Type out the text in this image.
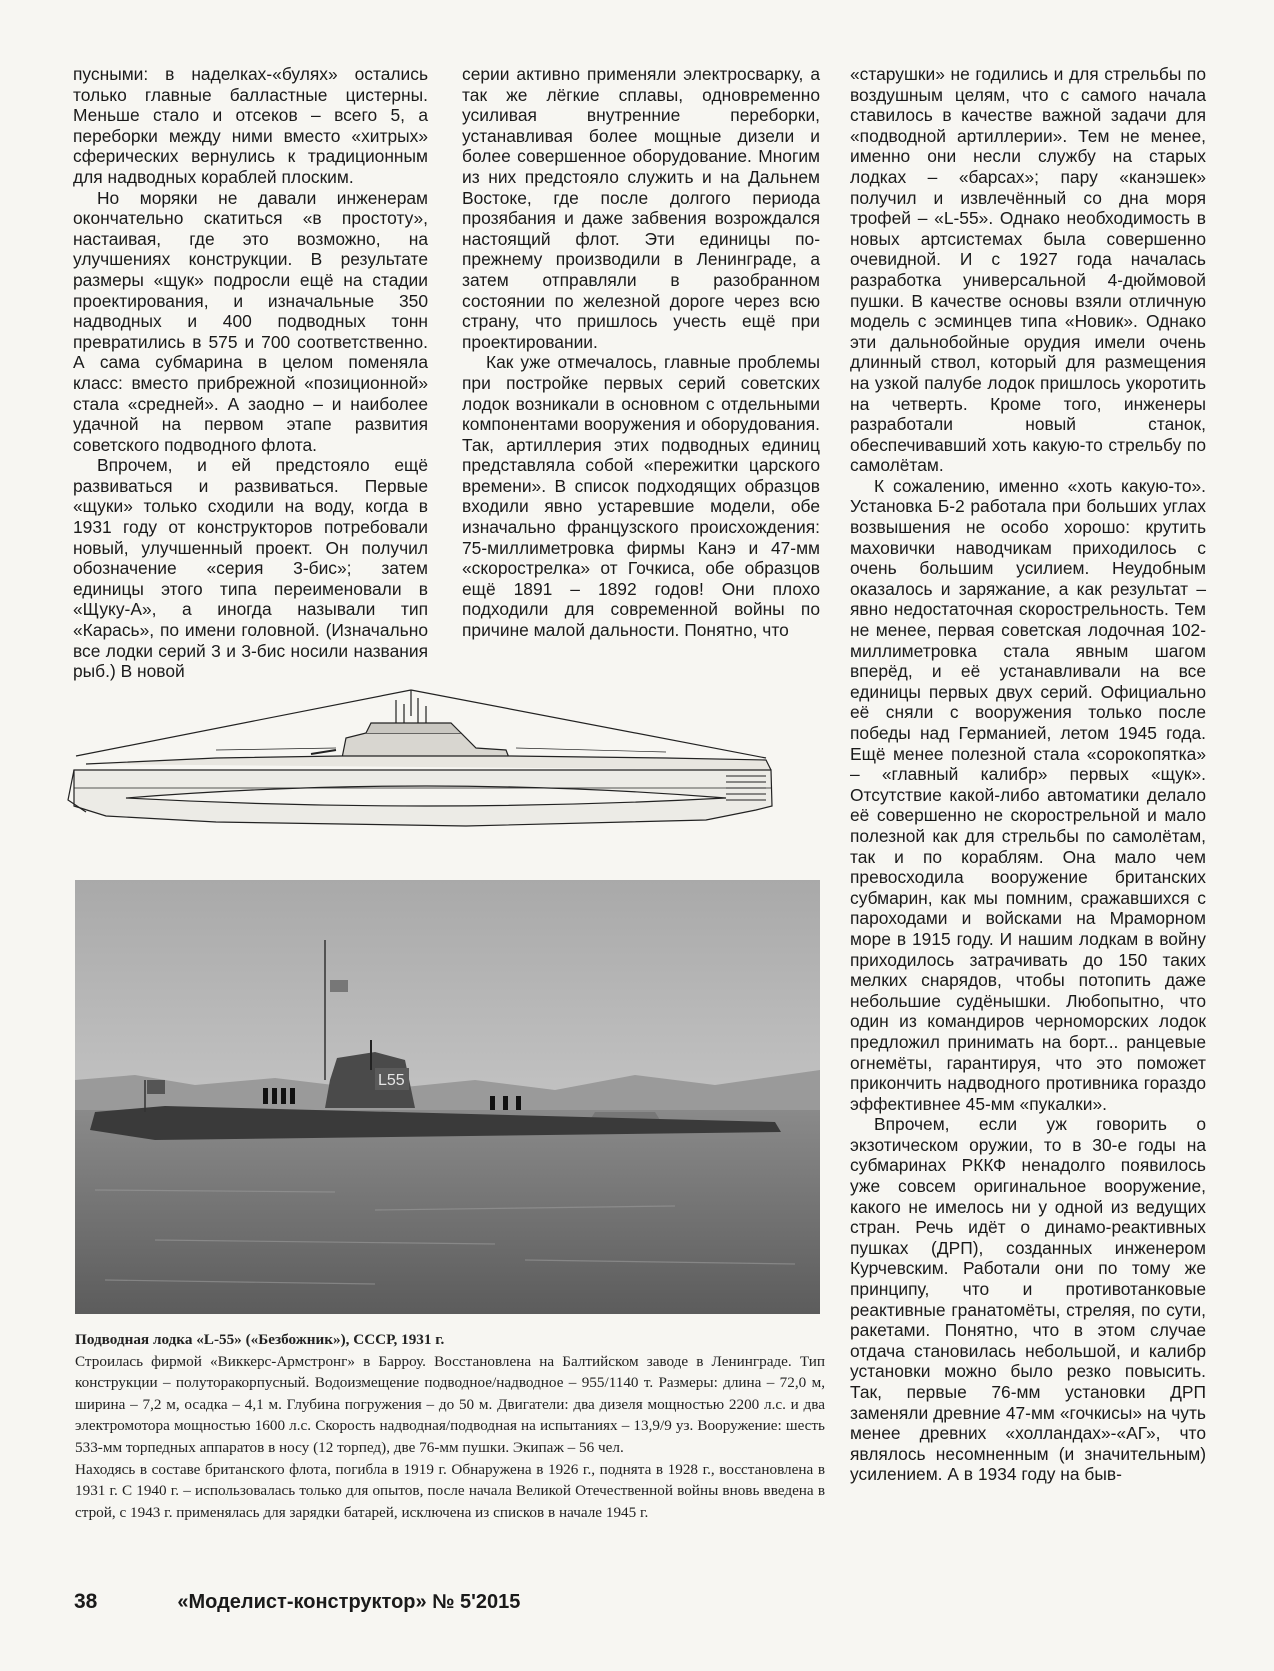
пусными: в наделках-«булях» остались только главные балластные цистерны. Меньше стало и отсеков – всего 5, а переборки между ними вместо «хитрых» сферических вернулись к традиционным для надводных кораблей плоским.

Но моряки не давали инженерам окончательно скатиться «в простоту», настаивая, где это возможно, на улучшениях конструкции. В результате размеры «щук» подросли ещё на стадии проектирования, и изначальные 350 надводных и 400 подводных тонн превратились в 575 и 700 соответственно. А сама субмарина в целом поменяла класс: вместо прибрежной «позиционной» стала «средней». А заодно – и наиболее удачной на первом этапе развития советского подводного флота.

Впрочем, и ей предстояло ещё развиваться и развиваться. Первые «щуки» только сходили на воду, когда в 1931 году от конструкторов потребовали новый, улучшенный проект. Он получил обозначение «серия 3-бис»; затем единицы этого типа переименовали в «Щуку-А», а иногда называли тип «Карась», по имени головной. (Изначально все лодки серий 3 и 3-бис носили названия рыб.) В новой

серии активно применяли электросварку, а так же лёгкие сплавы, одновременно усиливая внутренние переборки, устанавливая более мощные дизели и более совершенное оборудование. Многим из них предстояло служить и на Дальнем Востоке, где после долгого периода прозябания и даже забвения возрождался настоящий флот. Эти единицы по-прежнему производили в Ленинграде, а затем отправляли в разобранном состоянии по железной дороге через всю страну, что пришлось учесть ещё при проектировании.

Как уже отмечалось, главные проблемы при постройке первых серий советских лодок возникали в основном с отдельными компонентами вооружения и оборудования. Так, артиллерия этих подводных единиц представляла собой «пережитки царского времени». В список подходящих образцов входили явно устаревшие модели, обе изначально французского происхождения: 75-миллиметровка фирмы Канэ и 47-мм «скорострелка» от Гочкиса, обе образцов ещё 1891 – 1892 годов! Они плохо подходили для современной войны по причине малой дальности. Понятно, что

«старушки» не годились и для стрельбы по воздушным целям, что с самого начала ставилось в качестве важной задачи для «подводной артиллерии». Тем не менее, именно они несли службу на старых лодках – «барсах»; пару «канэшек» получил и извлечённый со дна моря трофей – «L-55». Однако необходимость в новых артсистемах была совершенно очевидной. И с 1927 года началась разработка универсальной 4-дюймовой пушки. В качестве основы взяли отличную модель с эсминцев типа «Новик». Однако эти дальнобойные орудия имели очень длинный ствол, который для размещения на узкой палубе лодок пришлось укоротить на четверть. Кроме того, инженеры разработали новый станок, обеспечивавший хоть какую-то стрельбу по самолётам.

К сожалению, именно «хоть какую-то». Установка Б-2 работала при больших углах возвышения не особо хорошо: крутить маховички наводчикам приходилось с очень большим усилием. Неудобным оказалось и заряжание, а как результат – явно недостаточная скорострельность. Тем не менее, первая советская лодочная 102-миллиметровка стала явным шагом вперёд, и её устанавливали на все единицы первых двух серий. Официально её сняли с вооружения только после победы над Германией, летом 1945 года. Ещё менее полезной стала «сорокопятка» – «главный калибр» первых «щук». Отсутствие какой-либо автоматики делало её совершенно не скорострельной и мало полезной как для стрельбы по самолётам, так и по кораблям. Она мало чем превосходила вооружение британских субмарин, как мы помним, сражавшихся с пароходами и войсками на Мраморном море в 1915 году. И нашим лодкам в войну приходилось затрачивать до 150 таких мелких снарядов, чтобы потопить даже небольшие судёнышки. Любопытно, что один из командиров черноморских лодок предложил принимать на борт... ранцевые огнемёты, гарантируя, что это поможет прикончить надводного противника гораздо эффективнее 45-мм «пукалки».

Впрочем, если уж говорить о экзотическом оружии, то в 30-е годы на субмаринах РККФ ненадолго появилось уже совсем оригинальное вооружение, какого не имелось ни у одной из ведущих стран. Речь идёт о динамо-реактивных пушках (ДРП), созданных инженером Курчевским. Работали они по тому же принципу, что и противотанковые реактивные гранатомёты, стреляя, по сути, ракетами. Понятно, что в этом случае отдача становилась небольшой, и калибр установки можно было резко повысить. Так, первые 76-мм установки ДРП заменяли древние 47-мм «гочкисы» на чуть менее древних «холландах»-«АГ», что являлось несомненным (и значительным) усилением. А в 1934 году на быв-

L55
Подводная лодка «L-55» («Безбожник»), СССР, 1931 г.

Строилась фирмой «Виккерс-Армстронг» в Барроу. Восстановлена на Балтийском заводе в Ленинграде. Тип конструкции – полуторакорпусный. Водоизмещение подводное/надводное – 955/1140 т. Размеры: длина – 72,0 м, ширина – 7,2 м, осадка – 4,1 м. Глубина погружения – до 50 м. Двигатели: два дизеля мощностью 2200 л.с. и два электромотора мощностью 1600 л.с. Скорость надводная/подводная на испытаниях – 13,9/9 уз. Вооружение: шесть 533-мм торпедных аппаратов в носу (12 торпед), две 76-мм пушки. Экипаж – 56 чел.

Находясь в составе британского флота, погибла в 1919 г. Обнаружена в 1926 г., поднята в 1928 г., восстановлена в 1931 г. С 1940 г. – использовалась только для опытов, после начала Великой Отечественной войны вновь введена в строй, с 1943 г. применялась для зарядки батарей, исключена из списков в начале 1945 г.

38	«Моделист-конструктор» № 5'2015
